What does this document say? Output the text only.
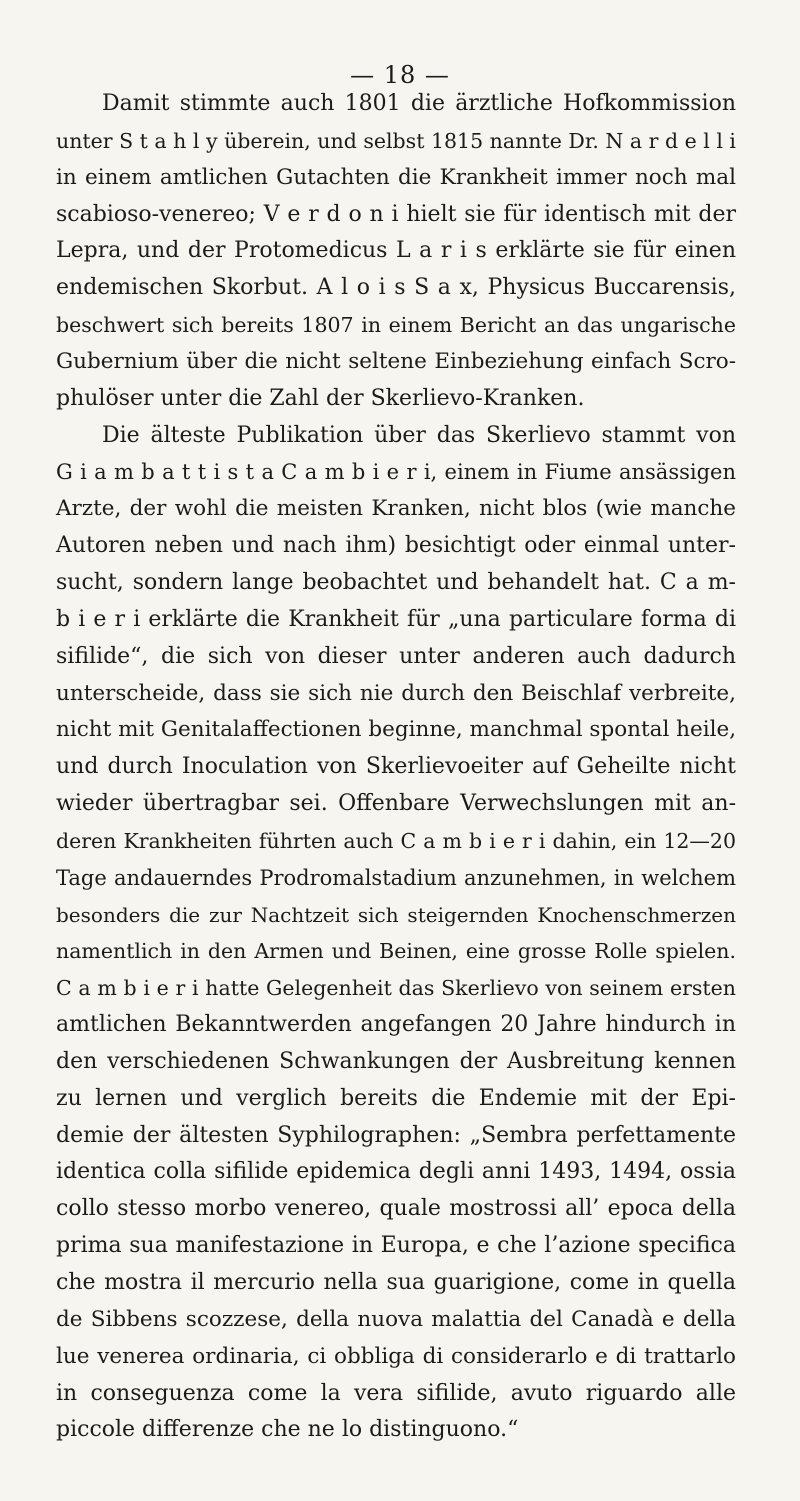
— 18 —
Damit stimmte auch 1801 die ärztliche Hofkommission
unter S t a h l y überein, und selbst 1815 nannte Dr. N a r d e l l i
in einem amtlichen Gutachten die Krankheit immer noch mal
scabioso-venereo; V e r d o n i hielt sie für identisch mit der
Lepra, und der Protomedicus L a r i s erklärte sie für einen
endemischen Skorbut. A l o i s S a x, Physicus Buccarensis,
beschwert sich bereits 1807 in einem Bericht an das ungarische
Gubernium über die nicht seltene Einbeziehung einfach Scro-
phulöser unter die Zahl der Skerlievo-Kranken.
Die älteste Publikation über das Skerlievo stammt von
G i a m b a t t i s t a C a m b i e r i, einem in Fiume ansässigen
Arzte, der wohl die meisten Kranken, nicht blos (wie manche
Autoren neben und nach ihm) besichtigt oder einmal unter-
sucht, sondern lange beobachtet und behandelt hat. C a m-
b i e r i erklärte die Krankheit für „una particulare forma di
sifilide“, die sich von dieser unter anderen auch dadurch
unterscheide, dass sie sich nie durch den Beischlaf verbreite,
nicht mit Genitalaffectionen beginne, manchmal spontal heile,
und durch Inoculation von Skerlievoeiter auf Geheilte nicht
wieder übertragbar sei. Offenbare Verwechslungen mit an-
deren Krankheiten führten auch C a m b i e r i dahin, ein 12—20
Tage andauerndes Prodromalstadium anzunehmen, in welchem
besonders die zur Nachtzeit sich steigernden Knochenschmerzen
namentlich in den Armen und Beinen, eine grosse Rolle spielen.
C a m b i e r i hatte Gelegenheit das Skerlievo von seinem ersten
amtlichen Bekanntwerden angefangen 20 Jahre hindurch in
den verschiedenen Schwankungen der Ausbreitung kennen
zu lernen und verglich bereits die Endemie mit der Epi-
demie der ältesten Syphilographen: „Sembra perfettamente
identica colla sifilide epidemica degli anni 1493, 1494, ossia
collo stesso morbo venereo, quale mostrossi all’ epoca della
prima sua manifestazione in Europa, e che l’azione specifica
che mostra il mercurio nella sua guarigione, come in quella
de Sibbens scozzese, della nuova malattia del Canadà e della
lue venerea ordinaria, ci obbliga di considerarlo e di trattarlo
in conseguenza come la vera sifilide, avuto riguardo alle
piccole differenze che ne lo distinguono.“
